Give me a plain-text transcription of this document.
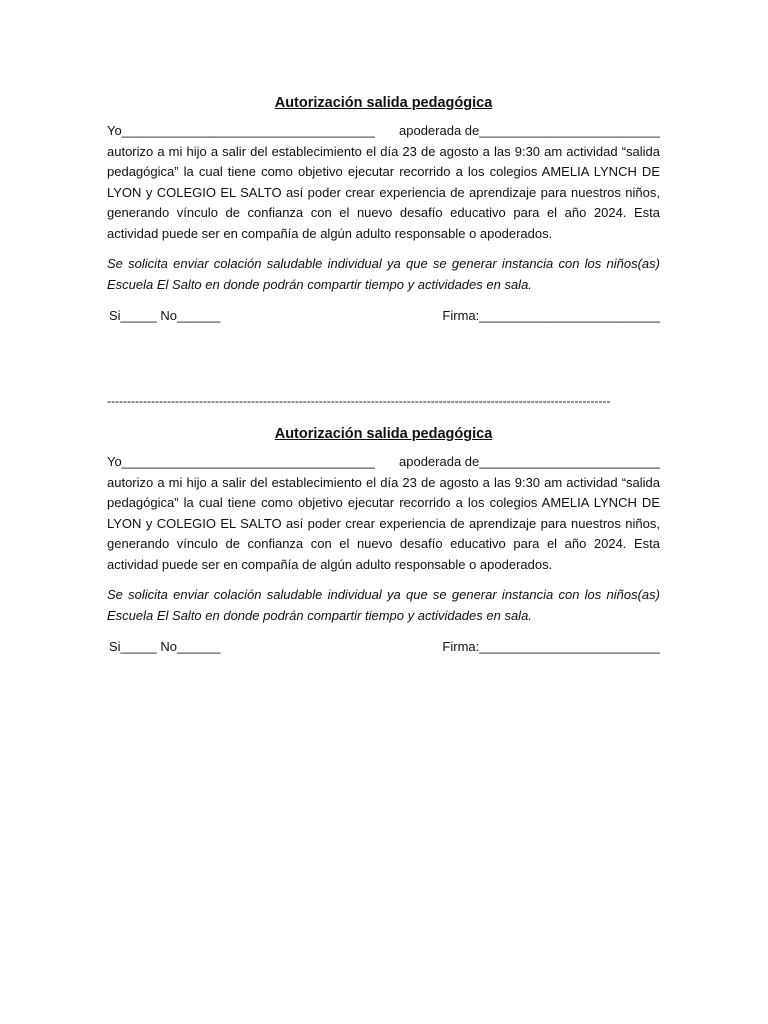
Autorización salida pedagógica
Yo___________________________________ apoderada de_________________________

autorizo a mi hijo a salir del establecimiento el día 23 de agosto a las 9:30 am actividad “salida pedagógica” la cual tiene como objetivo ejecutar recorrido a los colegios AMELIA LYNCH DE LYON y COLEGIO EL SALTO así poder crear experiencia de aprendizaje para nuestros niños, generando vínculo de confianza con el nuevo desafío educativo para el año 2024. Esta actividad puede ser en compañía de algún adulto responsable o apoderados.

Se solicita enviar colación saludable individual ya que se generar instancia con los niños(as) Escuela El Salto en donde podrán compartir tiempo y actividades en sala.

Si_____ No______	Firma:_________________________
------------------------------------------------------------------------------------------------------------------------------
Autorización salida pedagógica
Yo___________________________________ apoderada de_________________________

autorizo a mi hijo a salir del establecimiento el día 23 de agosto a las 9:30 am actividad “salida pedagógica” la cual tiene como objetivo ejecutar recorrido a los colegios AMELIA LYNCH DE LYON y COLEGIO EL SALTO así poder crear experiencia de aprendizaje para nuestros niños, generando vínculo de confianza con el nuevo desafío educativo para el año 2024. Esta actividad puede ser en compañía de algún adulto responsable o apoderados.

Se solicita enviar colación saludable individual ya que se generar instancia con los niños(as) Escuela El Salto en donde podrán compartir tiempo y actividades en sala.

Si_____ No______	Firma:_________________________
